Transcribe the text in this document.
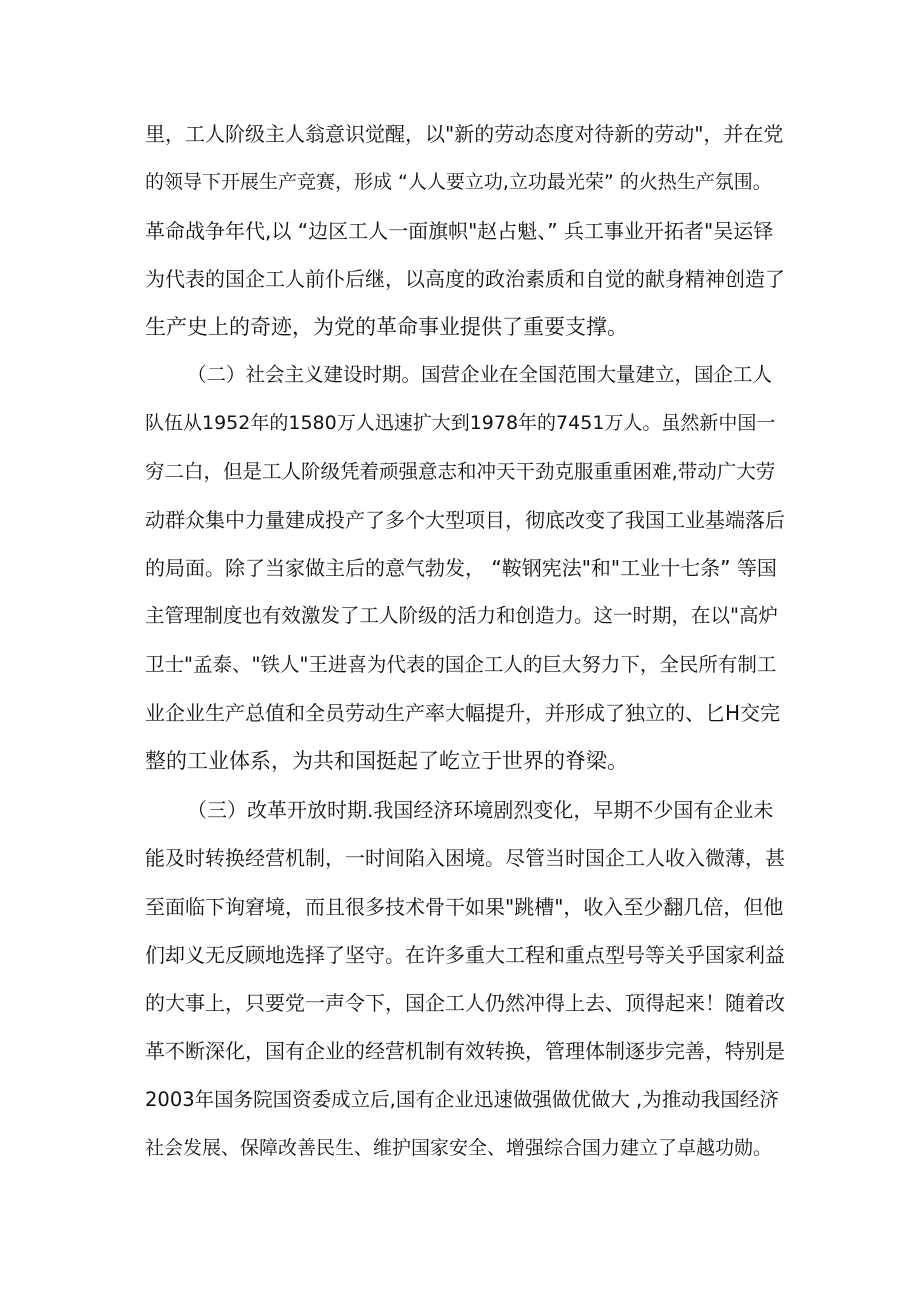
里，工人阶级主人翁意识觉醒，以"新的劳动态度对待新的劳动"，并在党
的领导下开展生产竞赛，形成 “人人要立功,立功最光荣” 的火热生产氛围。
革命战争年代,以 “边区工人一面旗帜"赵占魁、” 兵工事业开拓者"吴运铎
为代表的国企工人前仆后继，以高度的政治素质和自觉的献身精神创造了
生产史上的奇迹，为党的革命事业提供了重要支撑。
（二）社会主义建设时期。国营企业在全国范围大量建立，国企工人
队伍从1952年的1580万人迅速扩大到1978年的7451万人。虽然新中国一
穷二白，但是工人阶级凭着顽强意志和冲天干劲克服重重困难,带动广大劳
动群众集中力量建成投产了多个大型项目，彻底改变了我国工业基端落后
的局面。除了当家做主后的意气勃发， “鞍钢宪法"和"工业十七条” 等国
主管理制度也有效激发了工人阶级的活力和创造力。这一时期，在以"高炉
卫士"孟泰、"铁人"王进喜为代表的国企工人的巨大努力下，全民所有制工
业企业生产总值和全员劳动生产率大幅提升，并形成了独立的、匕H交完
整的工业体系，为共和国挺起了屹立于世界的脊梁。
（三）改革开放时期.我国经济环境剧烈变化，早期不少国有企业未
能及时转换经营机制，一时间陷入困境。尽管当时国企工人收入微薄，甚
至面临下询窘境，而且很多技术骨干如果"跳槽"，收入至少翻几倍，但他
们却义无反顾地选择了坚守。在许多重大工程和重点型号等关乎国家利益
的大事上，只要党一声令下，国企工人仍然冲得上去、顶得起来！随着改
革不断深化，国有企业的经营机制有效转换，管理体制逐步完善，特别是
2003年国务院国资委成立后,国有企业迅速做强做优做大 ,为推动我国经济
社会发展、保障改善民生、维护国家安全、增强综合国力建立了卓越功勋。
